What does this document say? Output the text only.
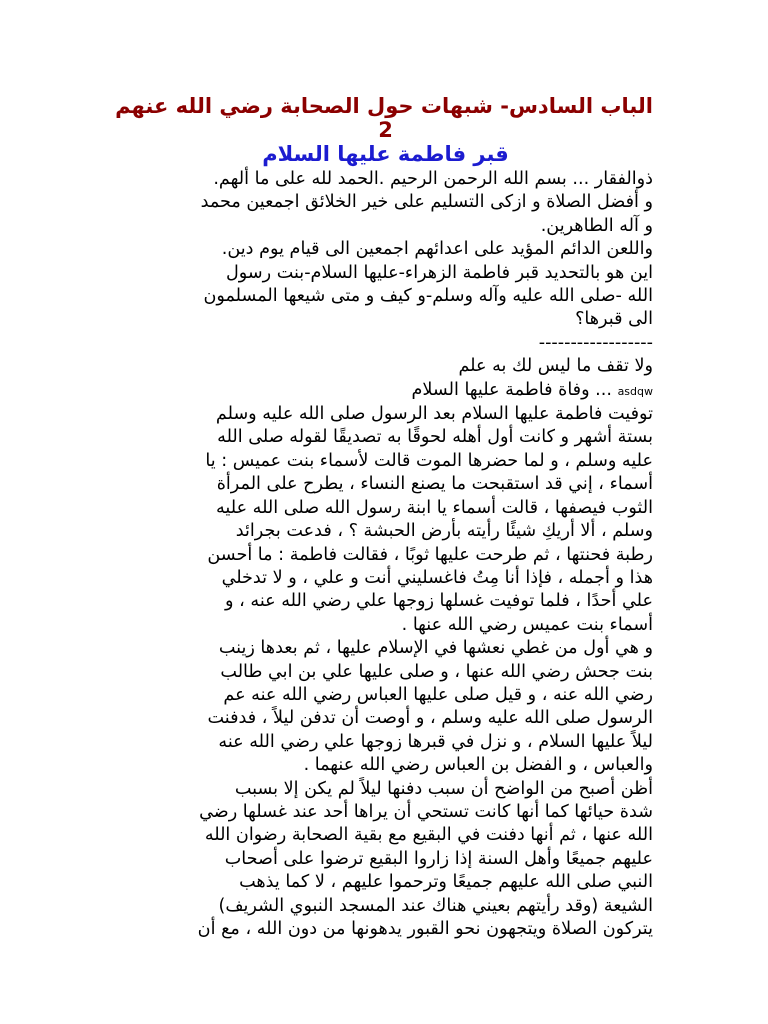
الباب السادس- شبهات حول الصحابة رضي الله عنهم
2
قبر فاطمة عليها السلام
ذوالفقار ... بسم الله الرحمن الرحيم .الحمد لله على ما ألهم.
و أفضل الصلاة و ازكى التسليم على خير الخلائق اجمعين محمد
و آله الطاهرين.
واللعن الدائم المؤيد على اعدائهم اجمعين الى قيام يوم دين.
اين هو بالتحديد قبر فاطمة الزهراء-عليها السلام-بنت رسول
الله -صلى الله عليه وآله وسلم-و كيف و متى شيعها المسلمون
الى قبرها؟
------------------
ولا تقف ما ليس لك به علم
asdqw ... وفاة فاطمة عليها السلام
توفيت فاطمة عليها السلام بعد الرسول صلى الله عليه وسلم
بستة أشهر و كانت أول أهله لحوقًا به تصديقًا لقوله صلى الله
عليه وسلم ، و لما حضرها الموت قالت لأسماء بنت عميس : يا
أسماء ، إني قد استقبحت ما يصنع النساء ، يطرح على المرأة
الثوب فيصفها ، قالت أسماء يا ابنة رسول الله صلى الله عليه
وسلم ، ألا أريكِ شيئًا رأيته بأرض الحبشة ؟ ، فدعت بجرائد
رطبة فحنتها ، ثم طرحت عليها ثوبًا ، فقالت فاطمة : ما أحسن
هذا و أجمله ، فإذا أنا مِتُ فاغسليني أنت و علي ، و لا تدخلي
علي أحدًا ، فلما توفيت غسلها زوجها علي رضي الله عنه ، و
أسماء بنت عميس رضي الله عنها .
و هي أول من غطي نعشها في الإسلام عليها ، ثم بعدها زينب
بنت جحش رضي الله عنها ، و صلى عليها علي بن ابي طالب
رضي الله عنه ، و قيل صلى عليها العباس رضي الله عنه عم
الرسول صلى الله عليه وسلم ، و أوصت أن تدفن ليلاً ، فدفنت
ليلاً عليها السلام ، و نزل في قبرها زوجها علي رضي الله عنه
والعباس ، و الفضل بن العباس رضي الله عنهما .
أظن أصبح من الواضح أن سبب دفنها ليلاً لم يكن إلا بسبب
شدة حيائها كما أنها كانت تستحي أن يراها أحد عند غسلها رضي
الله عنها ، ثم أنها دفنت في البقيع مع بقية الصحابة رضوان الله
عليهم جميعًا وأهل السنة إذا زاروا البقيع ترضوا على أصحاب
النبي صلى الله عليهم جميعًا وترحموا عليهم ، لا كما يذهب
الشيعة (وقد رأيتهم بعيني هناك عند المسجد النبوي الشريف)
يتركون الصلاة ويتجهون نحو القبور يدهونها من دون الله ، مع أن
